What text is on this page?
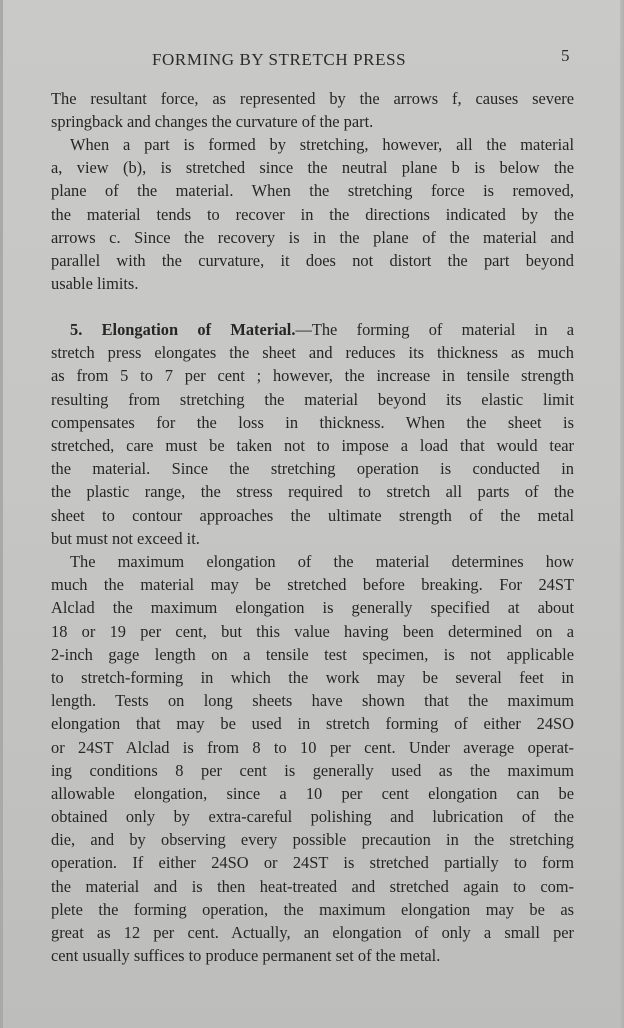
FORMING BY STRETCH PRESS	5
The resultant force, as represented by the arrows f, causes severe
springback and changes the curvature of the part.
When a part is formed by stretching, however, all the material
a, view (b), is stretched since the neutral plane b is below the
plane of the material. When the stretching force is removed,
the material tends to recover in the directions indicated by the
arrows c. Since the recovery is in the plane of the material and
parallel with the curvature, it does not distort the part beyond
usable limits.
5. Elongation of Material.—The forming of material in a
stretch press elongates the sheet and reduces its thickness as much
as from 5 to 7 per cent ; however, the increase in tensile strength
resulting from stretching the material beyond its elastic limit
compensates for the loss in thickness. When the sheet is
stretched, care must be taken not to impose a load that would tear
the material. Since the stretching operation is conducted in
the plastic range, the stress required to stretch all parts of the
sheet to contour approaches the ultimate strength of the metal
but must not exceed it.
The maximum elongation of the material determines how
much the material may be stretched before breaking. For 24ST
Alclad the maximum elongation is generally specified at about
18 or 19 per cent, but this value having been determined on a
2-inch gage length on a tensile test specimen, is not applicable
to stretch-forming in which the work may be several feet in
length. Tests on long sheets have shown that the maximum
elongation that may be used in stretch forming of either 24SO
or 24ST Alclad is from 8 to 10 per cent. Under average operat-
ing conditions 8 per cent is generally used as the maximum
allowable elongation, since a 10 per cent elongation can be
obtained only by extra-careful polishing and lubrication of the
die, and by observing every possible precaution in the stretching
operation. If either 24SO or 24ST is stretched partially to form
the material and is then heat-treated and stretched again to com-
plete the forming operation, the maximum elongation may be as
great as 12 per cent. Actually, an elongation of only a small per
cent usually suffices to produce permanent set of the metal.
